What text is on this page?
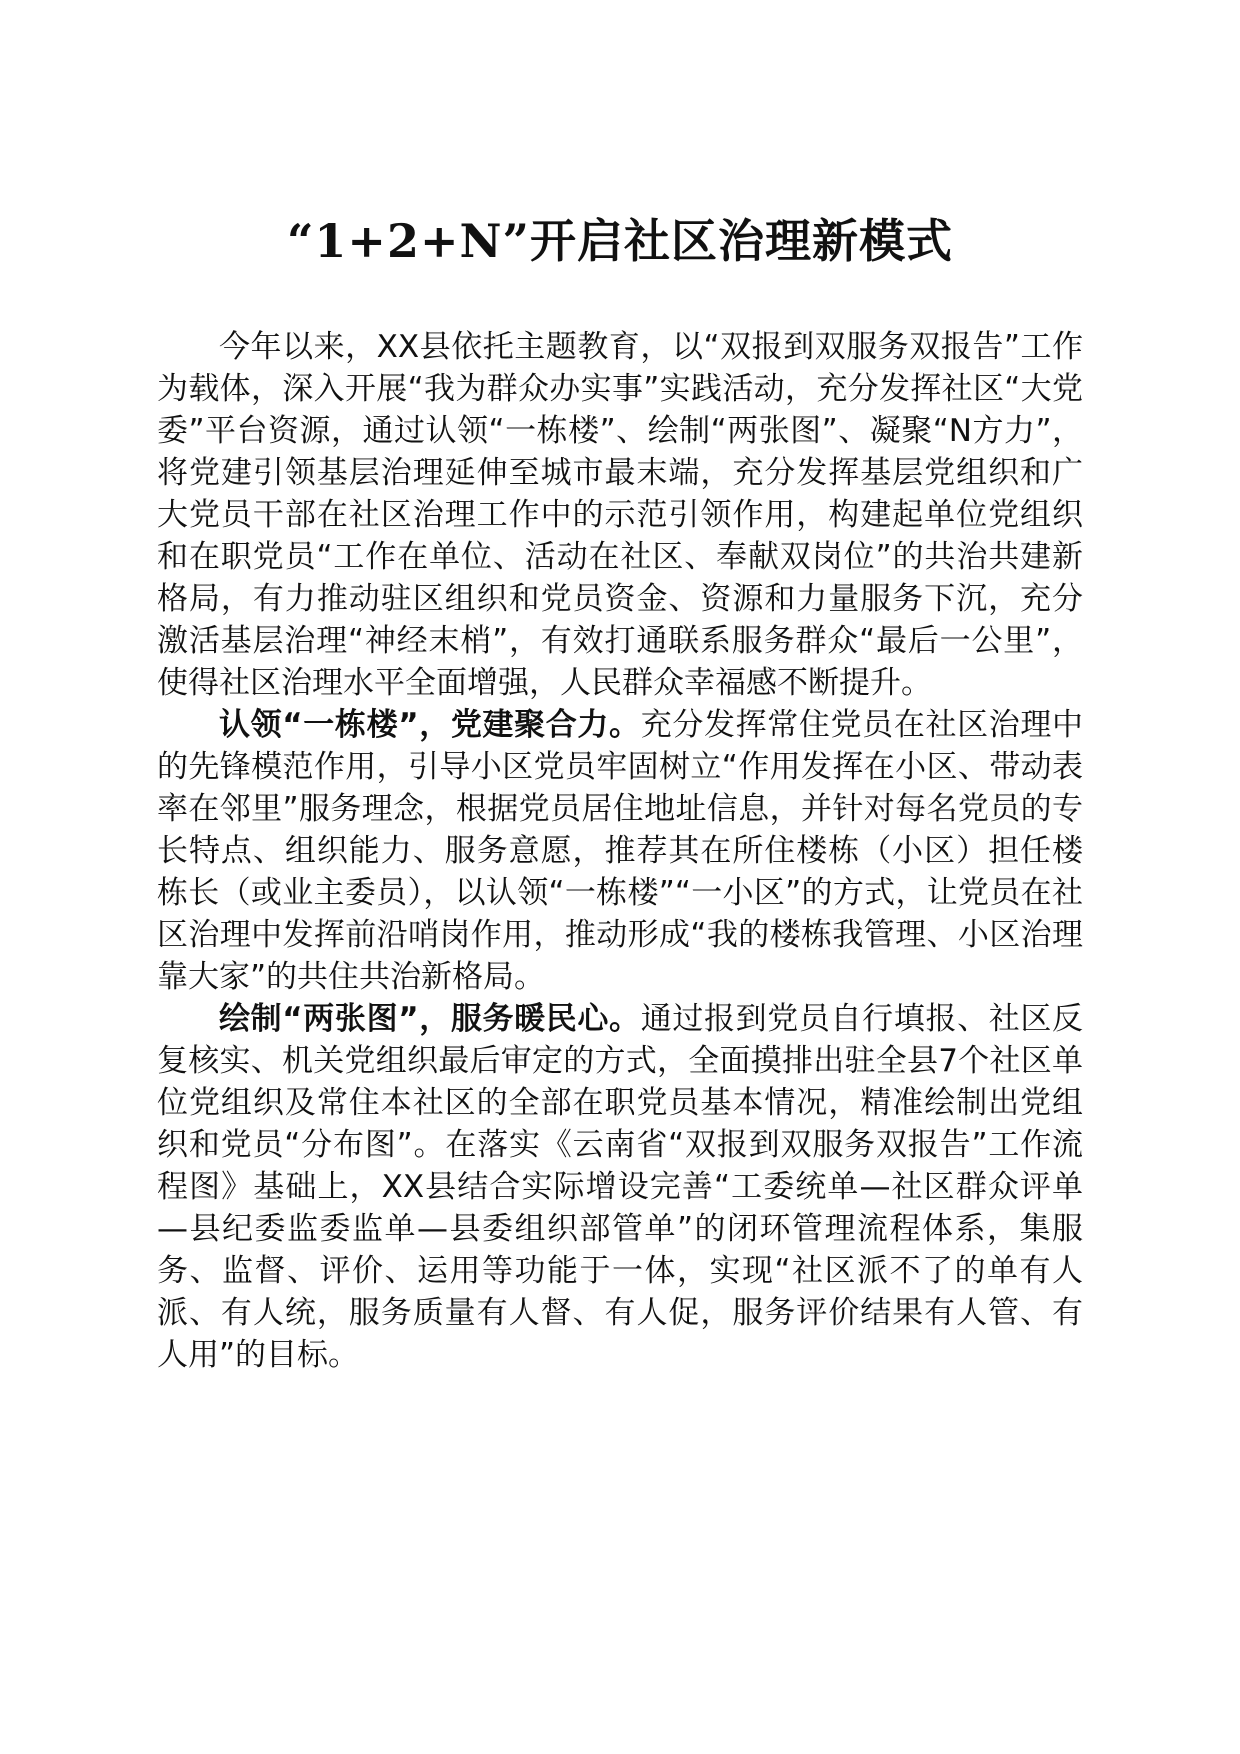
“1+2+N”开启社区治理新模式

今年以来，XX县依托主题教育，以“双报到双服务双报告”工作为载体，深入开展“我为群众办实事”实践活动，充分发挥社区“大党委”平台资源，通过认领“一栋楼”、绘制“两张图”、凝聚“N方力”，将党建引领基层治理延伸至城市最末端，充分发挥基层党组织和广大党员干部在社区治理工作中的示范引领作用，构建起单位党组织和在职党员“工作在单位、活动在社区、奉献双岗位”的共治共建新格局，有力推动驻区组织和党员资金、资源和力量服务下沉，充分激活基层治理“神经末梢”，有效打通联系服务群众“最后一公里”，使得社区治理水平全面增强，人民群众幸福感不断提升。

认领“一栋楼”，党建聚合力。充分发挥常住党员在社区治理中的先锋模范作用，引导小区党员牢固树立“作用发挥在小区、带动表率在邻里”服务理念，根据党员居住地址信息，并针对每名党员的专长特点、组织能力、服务意愿，推荐其在所住楼栋（小区）担任楼栋长（或业主委员），以认领“一栋楼”“一小区”的方式，让党员在社区治理中发挥前沿哨岗作用，推动形成“我的楼栋我管理、小区治理靠大家”的共住共治新格局。

绘制“两张图”，服务暖民心。通过报到党员自行填报、社区反复核实、机关党组织最后审定的方式，全面摸排出驻全县7个社区单位党组织及常住本社区的全部在职党员基本情况，精准绘制出党组织和党员“分布图”。在落实《云南省“双报到双服务双报告”工作流程图》基础上，XX县结合实际增设完善“工委统单—社区群众评单—县纪委监委监单—县委组织部管单”的闭环管理流程体系，集服务、监督、评价、运用等功能于一体，实现“社区派不了的单有人派、有人统，服务质量有人督、有人促，服务评价结果有人管、有人用”的目标。
